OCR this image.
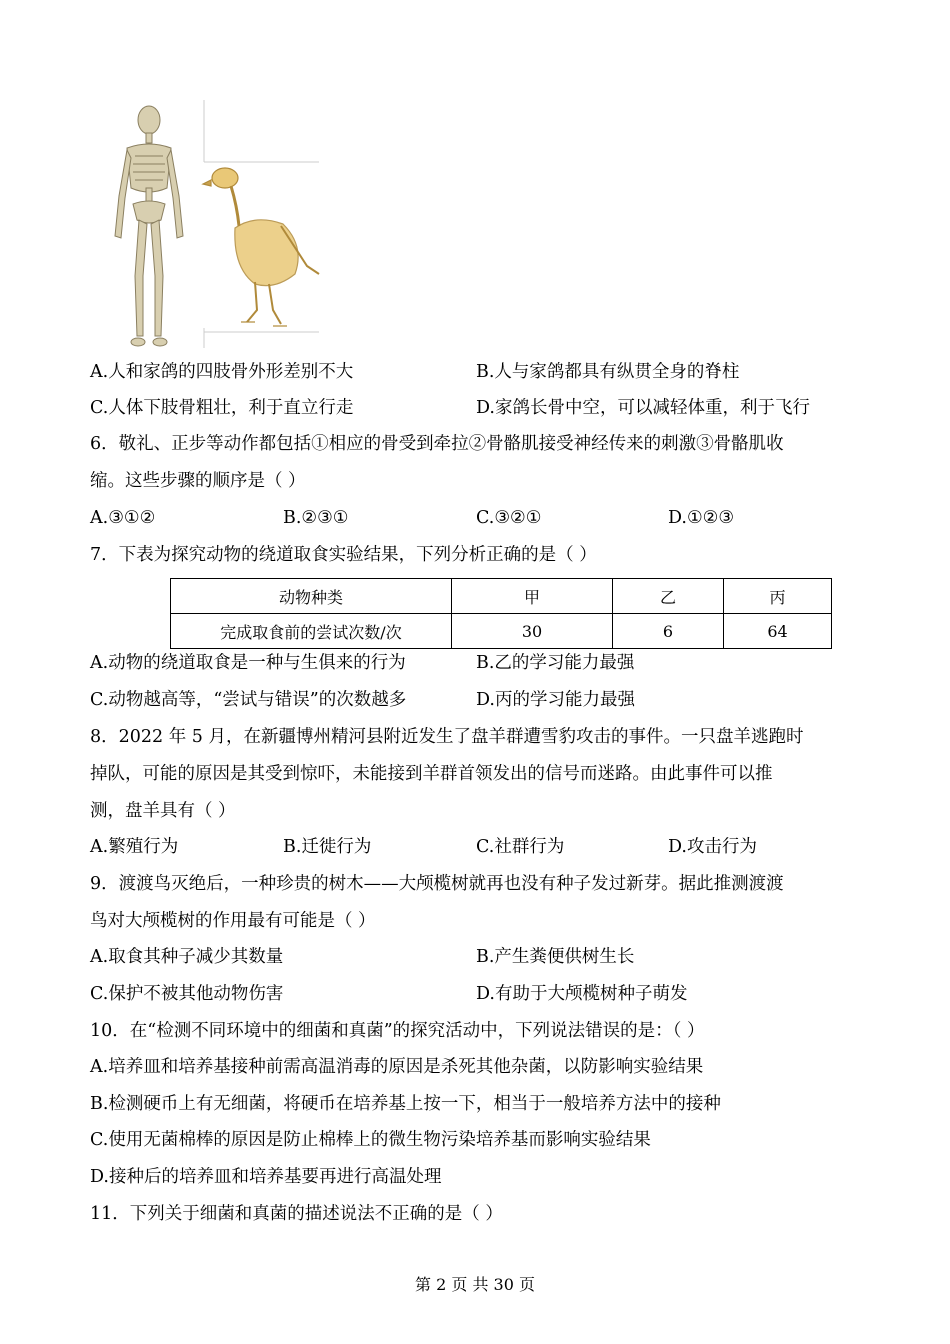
A.人和家鸽的四肢骨外形差别不大	B.人与家鸽都具有纵贯全身的脊柱
C.人体下肢骨粗壮，利于直立行走	D.家鸽长骨中空，可以减轻体重，利于飞行
6．敬礼、正步等动作都包括①相应的骨受到牵拉②骨骼肌接受神经传来的刺激③骨骼肌收
缩。这些步骤的顺序是（ ）
A.③①②	B.②③①	C.③②①	D.①②③
7．下表为探究动物的绕道取食实验结果，下列分析正确的是（ ）
动物种类	甲	乙	丙
完成取食前的尝试次数/次	30	6	64
A.动物的绕道取食是一种与生俱来的行为	B.乙的学习能力最强
C.动物越高等，“尝试与错误”的次数越多	D.丙的学习能力最强
8．2022 年 5 月，在新疆博州精河县附近发生了盘羊群遭雪豹攻击的事件。一只盘羊逃跑时
掉队，可能的原因是其受到惊吓，未能接到羊群首领发出的信号而迷路。由此事件可以推
测，盘羊具有（ ）
A.繁殖行为	B.迁徙行为	C.社群行为	D.攻击行为
9．渡渡鸟灭绝后，一种珍贵的树木——大颅榄树就再也没有种子发过新芽。据此推测渡渡
鸟对大颅榄树的作用最有可能是（ ）
A.取食其种子减少其数量	B.产生粪便供树生长
C.保护不被其他动物伤害	D.有助于大颅榄树种子萌发
10．在“检测不同环境中的细菌和真菌”的探究活动中，下列说法错误的是：（ ）
A.培养皿和培养基接种前需高温消毒的原因是杀死其他杂菌，以防影响实验结果
B.检测硬币上有无细菌，将硬币在培养基上按一下，相当于一般培养方法中的接种
C.使用无菌棉棒的原因是防止棉棒上的微生物污染培养基而影响实验结果
D.接种后的培养皿和培养基要再进行高温处理
11．下列关于细菌和真菌的描述说法不正确的是（ ）
第 2 页 共 30 页
